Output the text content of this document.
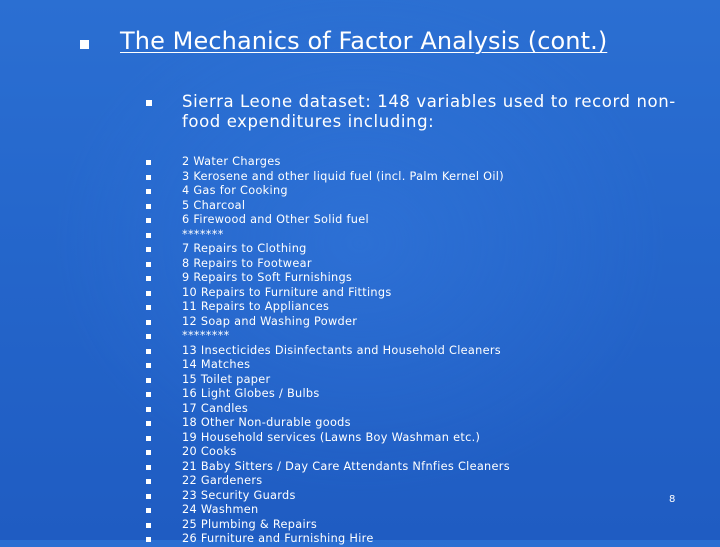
The Mechanics of Factor Analysis (cont.)
Sierra Leone dataset: 148 variables used to record non-food expenditures including:
2 Water Charges
3 Kerosene and other liquid fuel (incl. Palm Kernel Oil)
4 Gas for Cooking
5 Charcoal
6 Firewood and Other Solid fuel
*******
7 Repairs to Clothing
8 Repairs to Footwear
9 Repairs to Soft Furnishings
10 Repairs to Furniture and Fittings
11 Repairs to Appliances
12 Soap and Washing Powder
********
13 Insecticides Disinfectants and Household Cleaners
14 Matches
15 Toilet paper
16 Light Globes / Bulbs
17 Candles
18 Other Non-durable goods
19 Household services (Lawns Boy Washman etc.)
20 Cooks
21 Baby Sitters / Day Care Attendants Nfnfies Cleaners
22 Gardeners
23 Security Guards
24 Washmen
25 Plumbing & Repairs
26 Furniture and Furnishing Hire
8
